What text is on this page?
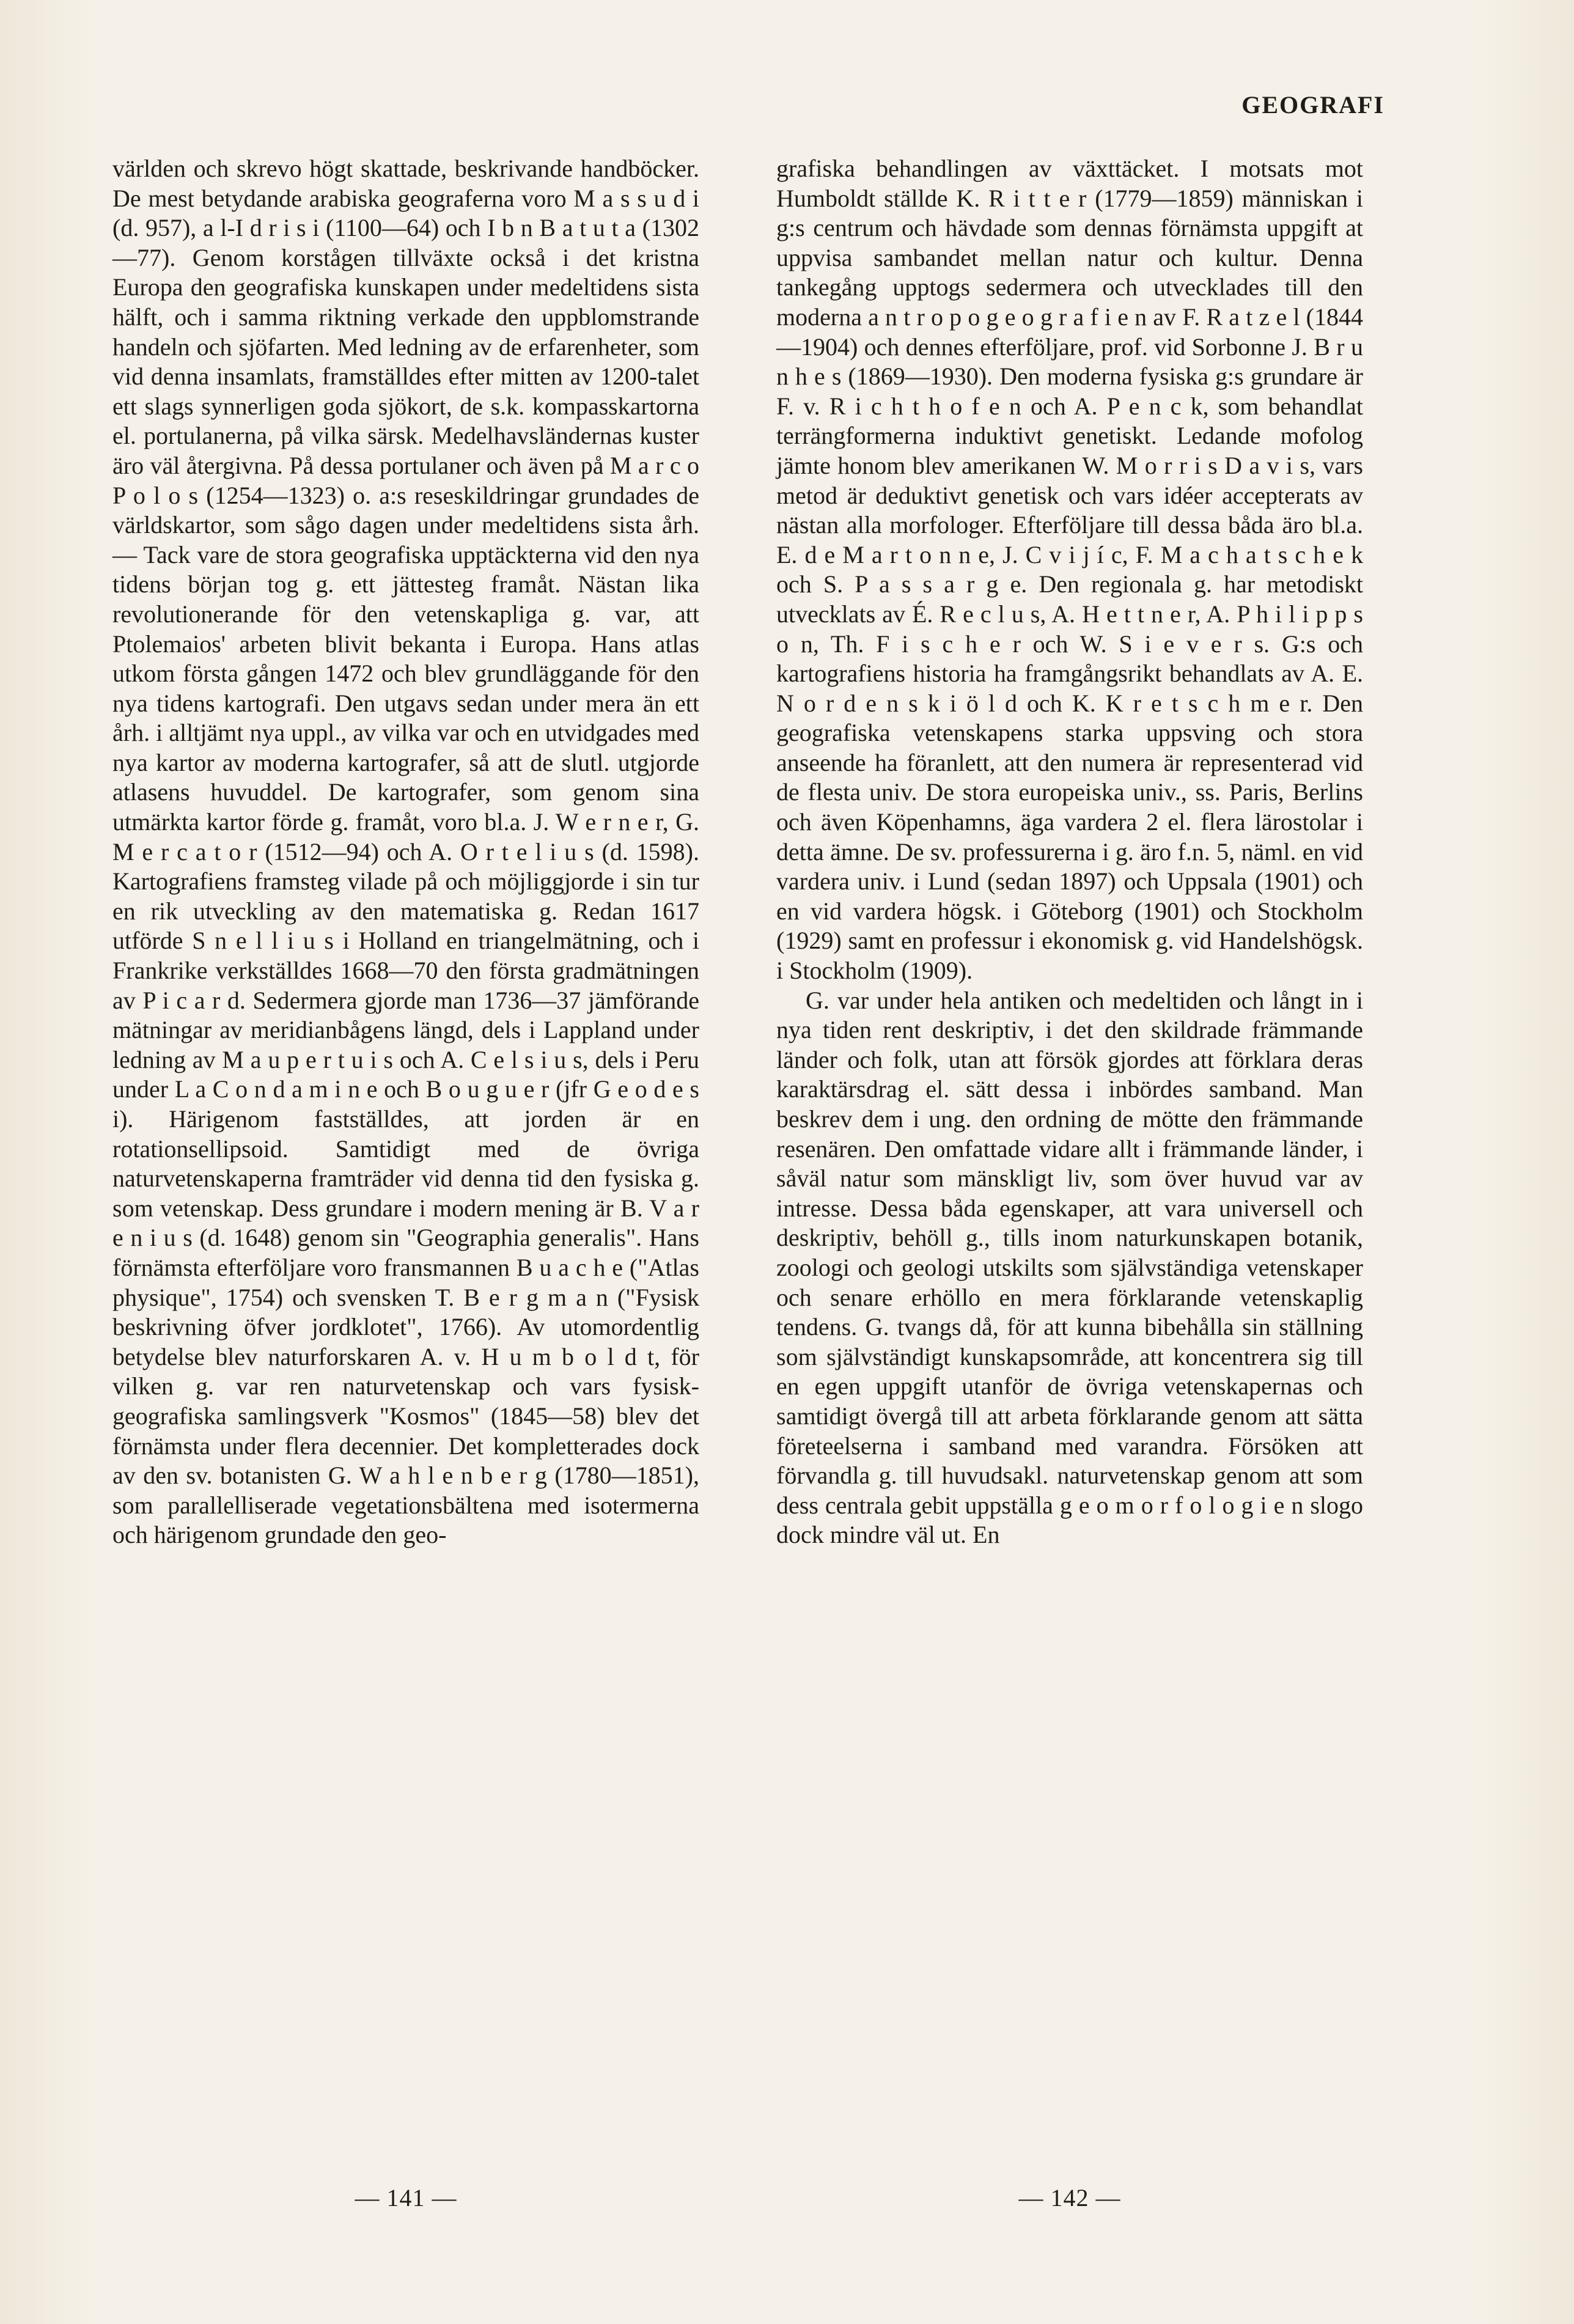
GEOGRAFI

världen och skrevo högt skattade, beskrivande handböcker. De mest betydande arabiska geograferna voro M a s s u d i (d. 957), a l-I d r i s i (1100—64) och I b n B a t u t a (1302—77). Genom korstågen tillväxte också i det kristna Europa den geografiska kunskapen under medeltidens sista hälft, och i samma riktning verkade den uppblomstrande handeln och sjöfarten. Med ledning av de erfarenheter, som vid denna insamlats, framställdes efter mitten av 1200-talet ett slags synnerligen goda sjökort, de s.k. kompasskartorna el. portulanerna, på vilka särsk. Medelhavsländernas kuster äro väl återgivna. På dessa portulaner och även på M a r c o P o l o s (1254—1323) o. a:s reseskildringar grundades de världskartor, som sågo dagen under medeltidens sista årh. — Tack vare de stora geografiska upptäckterna vid den nya tidens början tog g. ett jättesteg framåt. Nästan lika revolutionerande för den vetenskapliga g. var, att Ptolemaios' arbeten blivit bekanta i Europa. Hans atlas utkom första gången 1472 och blev grundläggande för den nya tidens kartografi. Den utgavs sedan under mera än ett årh. i alltjämt nya uppl., av vilka var och en utvidgades med nya kartor av moderna kartografer, så att de slutl. utgjorde atlasens huvuddel. De kartografer, som genom sina utmärkta kartor förde g. framåt, voro bl.a. J. W e r n e r, G. M e r c a t o r (1512—94) och A. O r t e l i u s (d. 1598). Kartografiens framsteg vilade på och möjliggjorde i sin tur en rik utveckling av den matematiska g. Redan 1617 utförde S n e l l i u s i Holland en triangelmätning, och i Frankrike verkställdes 1668—70 den första gradmätningen av P i c a r d. Sedermera gjorde man 1736—37 jämförande mätningar av meridianbågens längd, dels i Lappland under ledning av M a u p e r t u i s och A. C e l s i u s, dels i Peru under L a C o n d a m i n e och B o u g u e r (jfr G e o d e s i). Härigenom fastställdes, att jorden är en rotationsellipsoid. Samtidigt med de övriga naturvetenskaperna framträder vid denna tid den fysiska g. som vetenskap. Dess grundare i modern mening är B. V a r e n i u s (d. 1648) genom sin "Geographia generalis". Hans förnämsta efterföljare voro fransmannen B u a c h e ("Atlas physique", 1754) och svensken T. B e r g m a n ("Fysisk beskrivning öfver jordklotet", 1766). Av utomordentlig betydelse blev naturforskaren A. v. H u m b o l d t, för vilken g. var ren naturvetenskap och vars fysisk-geografiska samlingsverk "Kosmos" (1845—58) blev det förnämsta under flera decennier. Det kompletterades dock av den sv. botanisten G. W a h l e n b e r g (1780—1851), som parallelliserade vegetationsbältena med isotermerna och härigenom grundade den geo-

grafiska behandlingen av växttäcket. I motsats mot Humboldt ställde K. R i t t e r (1779—1859) människan i g:s centrum och hävdade som dennas förnämsta uppgift at uppvisa sambandet mellan natur och kultur. Denna tankegång upptogs sedermera och utvecklades till den moderna a n t r o p o g e o g r a f i e n av F. R a t z e l (1844—1904) och dennes efterföljare, prof. vid Sorbonne J. B r u n h e s (1869—1930). Den moderna fysiska g:s grundare är F. v. R i c h t h o f e n och A. P e n c k, som behandlat terrängformerna induktivt genetiskt. Ledande mofolog jämte honom blev amerikanen W. M o r r i s D a v i s, vars metod är deduktivt genetisk och vars idéer accepterats av nästan alla morfologer. Efterföljare till dessa båda äro bl.a. E. d e M a r t o n n e, J. C v i j í c, F. M a c h a t s c h e k och S. P a s s a r g e. Den regionala g. har metodiskt utvecklats av É. R e c l u s, A. H e t t n e r, A. P h i l i p p s o n, Th. F i s c h e r och W. S i e v e r s. G:s och kartografiens historia ha framgångsrikt behandlats av A. E. N o r d e n s k i ö l d och K. K r e t s c h m e r. Den geografiska vetenskapens starka uppsving och stora anseende ha föranlett, att den numera är representerad vid de flesta univ. De stora europeiska univ., ss. Paris, Berlins och även Köpenhamns, äga vardera 2 el. flera lärostolar i detta ämne. De sv. professurerna i g. äro f.n. 5, näml. en vid vardera univ. i Lund (sedan 1897) och Uppsala (1901) och en vid vardera högsk. i Göteborg (1901) och Stockholm (1929) samt en professur i ekonomisk g. vid Handelshögsk. i Stockholm (1909).

G. var under hela antiken och medeltiden och långt in i nya tiden rent deskriptiv, i det den skildrade främmande länder och folk, utan att försök gjordes att förklara deras karaktärsdrag el. sätt dessa i inbördes samband. Man beskrev dem i ung. den ordning de mötte den främmande resenären. Den omfattade vidare allt i främmande länder, i såväl natur som mänskligt liv, som över huvud var av intresse. Dessa båda egenskaper, att vara universell och deskriptiv, behöll g., tills inom naturkunskapen botanik, zoologi och geologi utskilts som självständiga vetenskaper och senare erhöllo en mera förklarande vetenskaplig tendens. G. tvangs då, för att kunna bibehålla sin ställning som självständigt kunskapsområde, att koncentrera sig till en egen uppgift utanför de övriga vetenskapernas och samtidigt övergå till att arbeta förklarande genom att sätta företeelserna i samband med varandra. Försöken att förvandla g. till huvudsakl. naturvetenskap genom att som dess centrala gebit uppställa g e o m o r f o l o g i e n slogo dock mindre väl ut. En

— 141 —	— 142 —
